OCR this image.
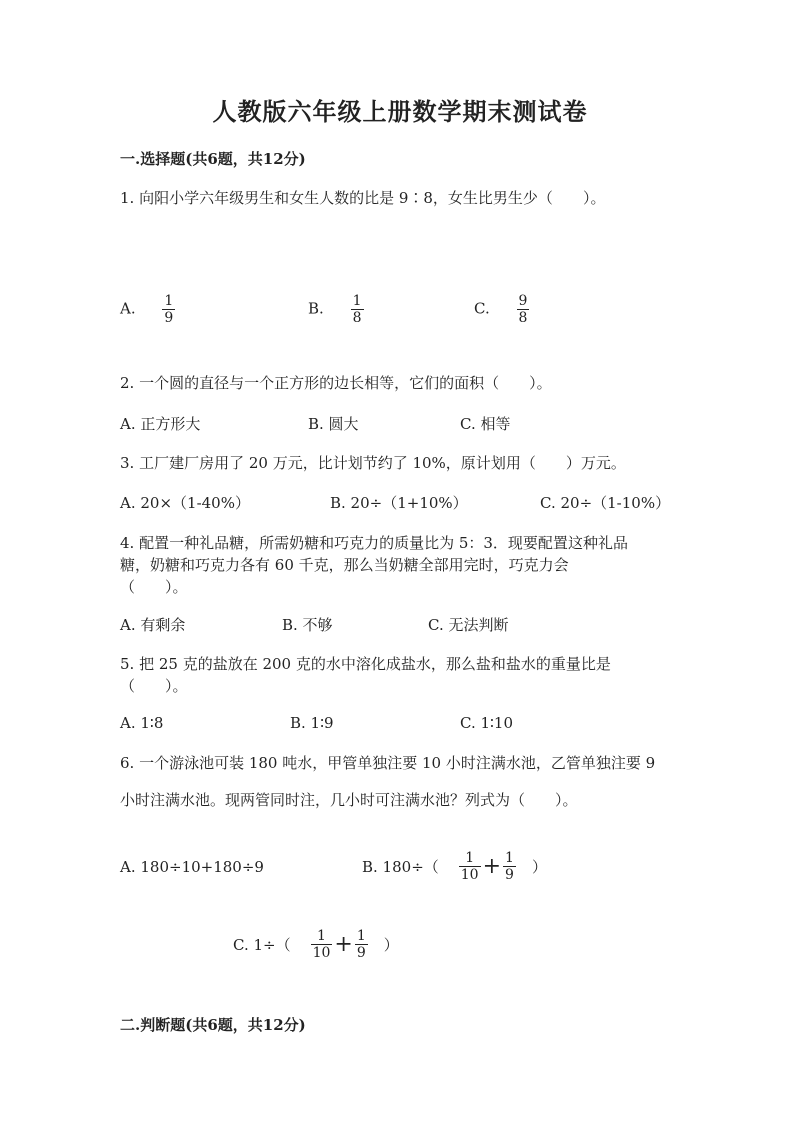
人教版六年级上册数学期末测试卷
一.选择题(共6题，共12分)
1. 向阳小学六年级男生和女生人数的比是 9∶8，女生比男生少（　　）。
A. $\frac{1}{9}$	B. $\frac{1}{8}$	C. $\frac{9}{8}$
2. 一个圆的直径与一个正方形的边长相等，它们的面积（　　）。
A. 正方形大	B. 圆大	C. 相等
3. 工厂建厂房用了 20 万元，比计划节约了 10%，原计划用（　　）万元。
A. 20×（1-40%）	B. 20÷（1+10%）	C. 20÷（1-10%）
4. 配置一种礼品糖，所需奶糖和巧克力的质量比为 5：3．现要配置这种礼品
糖，奶糖和巧克力各有 60 千克，那么当奶糖全部用完时，巧克力会
（　　）。
A. 有剩余	B. 不够	C. 无法判断
5. 把 25 克的盐放在 200 克的水中溶化成盐水，那么盐和盐水的重量比是
（　　）。
A. 1∶8	B. 1∶9	C. 1∶10
6. 一个游泳池可装 180 吨水，甲管单独注要 10 小时注满水池，乙管单独注要 9
小时注满水池。现两管同时注，几小时可注满水池？列式为（　　）。
A. 180÷10+180÷9	B. $180\div( \frac{1}{10} + \frac{1}{9}$ ）
C. $1\div( \frac{1}{10} + \frac{1}{9}$ ）
二.判断题(共6题，共12分)
